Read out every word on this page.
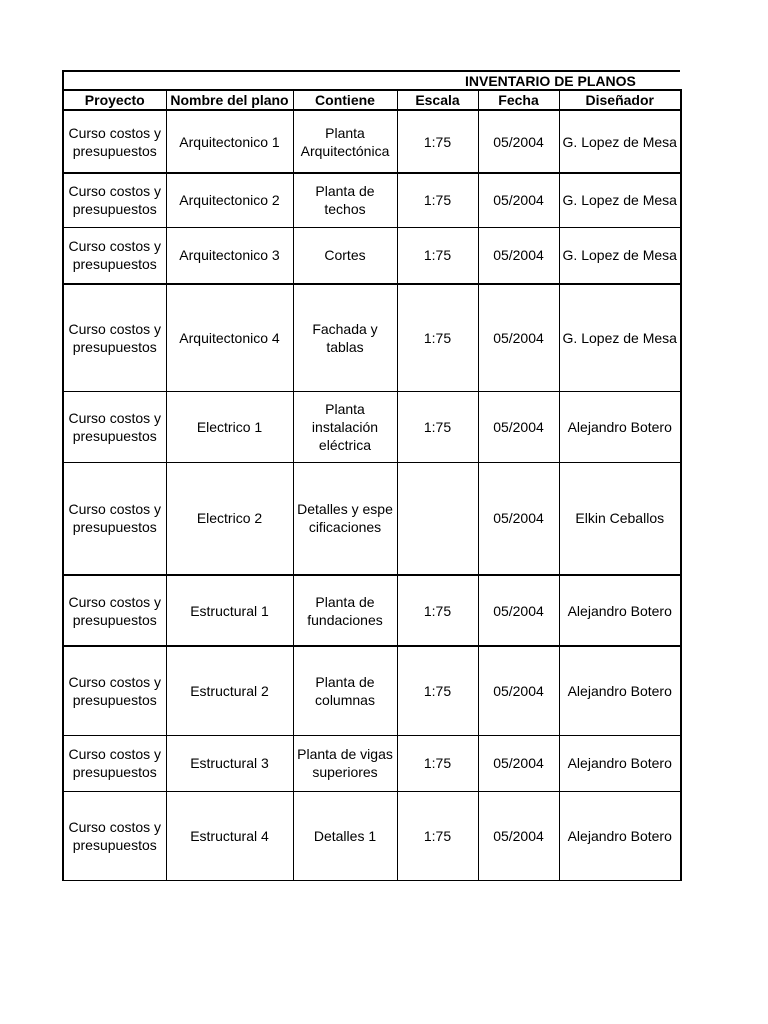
INVENTARIO DE PLANOS
Proyecto	Nombre del plano	Contiene	Escala	Fecha	Diseñador
Curso costos y presupuestos	Arquitectonico 1	Planta Arquitectónica	1:75	05/2004	G. Lopez de Mesa
Curso costos y presupuestos	Arquitectonico 2	Planta de techos	1:75	05/2004	G. Lopez de Mesa
Curso costos y presupuestos	Arquitectonico 3	Cortes	1:75	05/2004	G. Lopez de Mesa
Curso costos y presupuestos	Arquitectonico 4	Fachada y tablas	1:75	05/2004	G. Lopez de Mesa
Curso costos y presupuestos	Electrico 1	Planta instalación eléctrica	1:75	05/2004	Alejandro Botero
Curso costos y presupuestos	Electrico 2	Detalles y especificaciones		05/2004	Elkin Ceballos
Curso costos y presupuestos	Estructural 1	Planta de fundaciones	1:75	05/2004	Alejandro Botero
Curso costos y presupuestos	Estructural 2	Planta de columnas	1:75	05/2004	Alejandro Botero
Curso costos y presupuestos	Estructural 3	Planta de vigas superiores	1:75	05/2004	Alejandro Botero
Curso costos y presupuestos	Estructural 4	Detalles 1	1:75	05/2004	Alejandro Botero
